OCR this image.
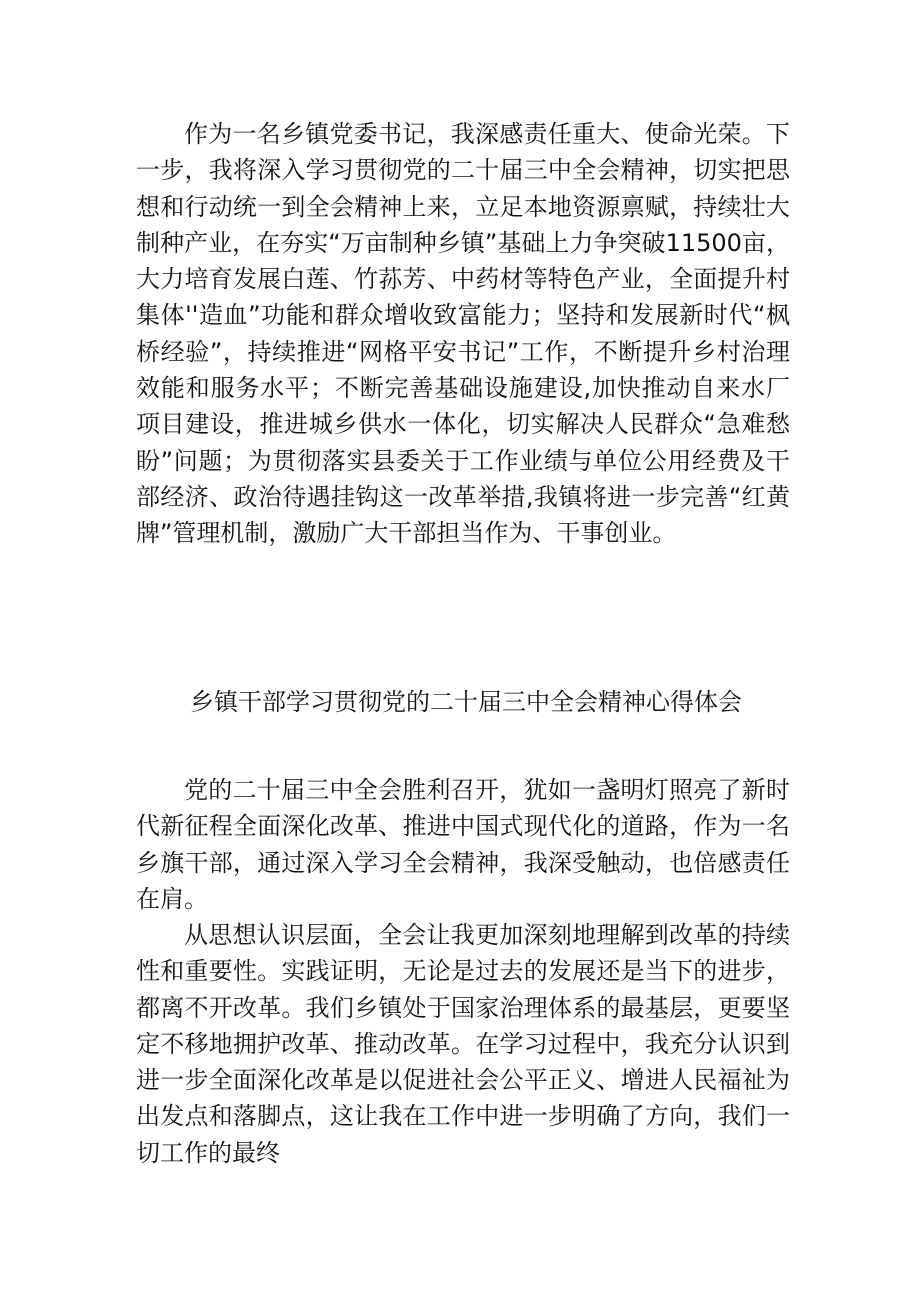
作为一名乡镇党委书记，我深感责任重大、使命光荣。下一步，我将深入学习贯彻党的二十届三中全会精神，切实把思想和行动统一到全会精神上来，立足本地资源禀赋，持续壮大制种产业，在夯实“万亩制种乡镇”基础上力争突破11500亩，大力培育发展白莲、竹荪芳、中药材等特色产业，全面提升村集体''造血”功能和群众增收致富能力；坚持和发展新时代“枫桥经验”，持续推进“网格平安书记”工作，不断提升乡村治理效能和服务水平；不断完善基础设施建设,加快推动自来水厂项目建设，推进城乡供水一体化，切实解决人民群众“急难愁盼”问题；为贯彻落实县委关于工作业绩与单位公用经费及干部经济、政治待遇挂钩这一改革举措,我镇将进一步完善“红黄牌”管理机制，激励广大干部担当作为、干事创业。

乡镇干部学习贯彻党的二十届三中全会精神心得体会

党的二十届三中全会胜利召开，犹如一盏明灯照亮了新时代新征程全面深化改革、推进中国式现代化的道路，作为一名乡旗干部，通过深入学习全会精神，我深受触动，也倍感责任在肩。

从思想认识层面，全会让我更加深刻地理解到改革的持续性和重要性。实践证明，无论是过去的发展还是当下的进步，都离不开改革。我们乡镇处于国家治理体系的最基层，更要坚定不移地拥护改革、推动改革。在学习过程中，我充分认识到进一步全面深化改革是以促进社会公平正义、增进人民福祉为出发点和落脚点，这让我在工作中进一步明确了方向，我们一切工作的最终
